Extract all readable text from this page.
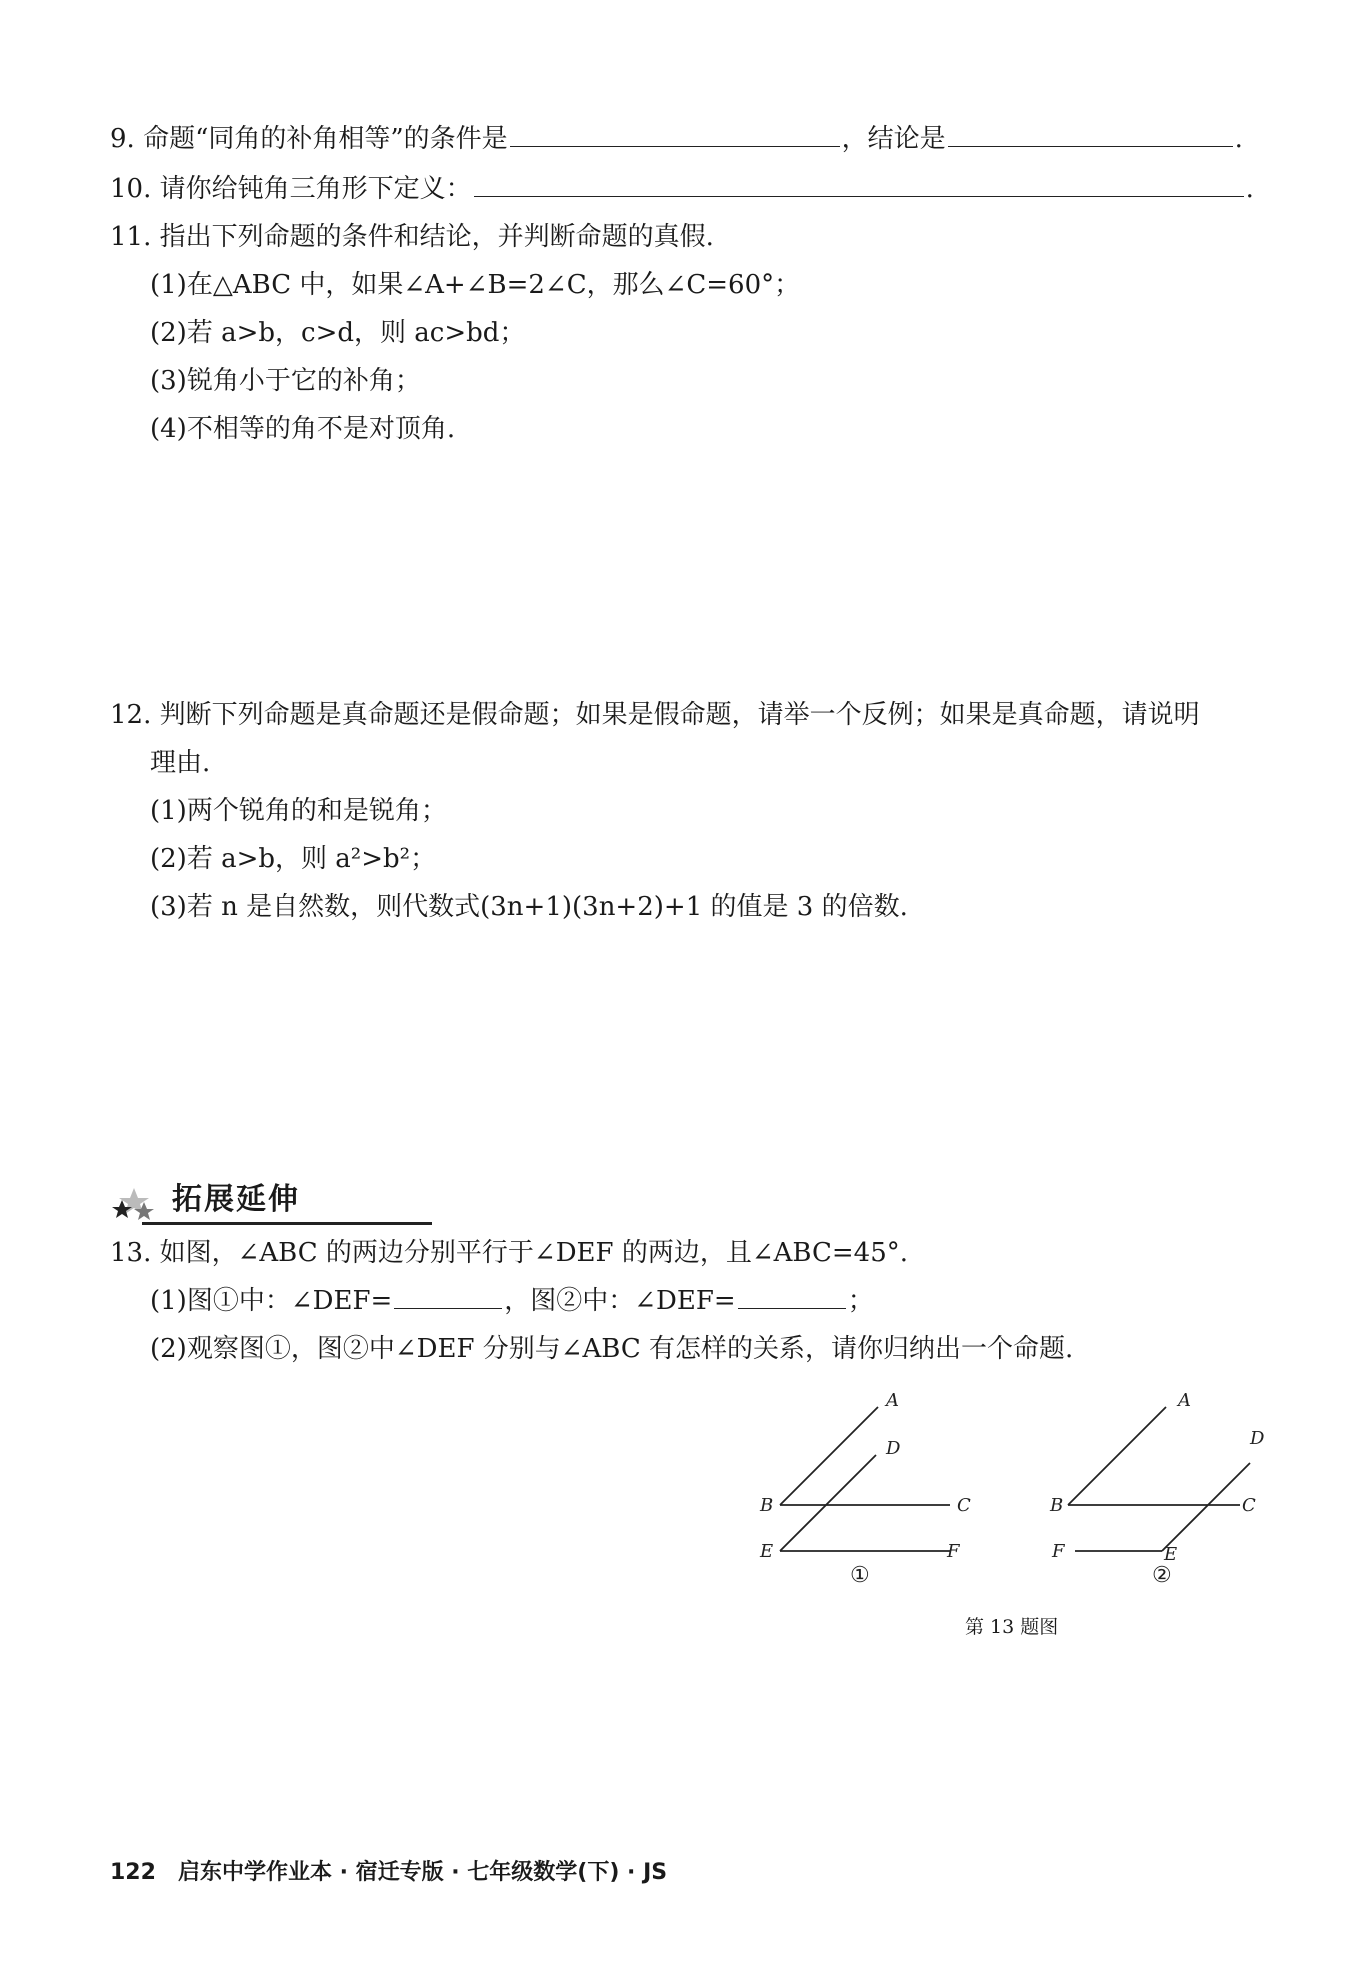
9. 命题“同角的补角相等”的条件是	，结论是	.
10. 请你给钝角三角形下定义：	.
11. 指出下列命题的条件和结论，并判断命题的真假.
(1)在△ABC 中，如果∠A+∠B=2∠C，那么∠C=60°；
(2)若 a>b，c>d，则 ac>bd；
(3)锐角小于它的补角；
(4)不相等的角不是对顶角.
12. 判断下列命题是真命题还是假命题；如果是假命题，请举一个反例；如果是真命题，请说明
理由.
(1)两个锐角的和是锐角；
(2)若 a>b，则 a²>b²；
(3)若 n 是自然数，则代数式(3n+1)(3n+2)+1 的值是 3 的倍数.
拓展延伸
13. 如图，∠ABC 的两边分别平行于∠DEF 的两边，且∠ABC=45°.
(1)图①中：∠DEF=	，图②中：∠DEF=	；
(2)观察图①，图②中∠DEF 分别与∠ABC 有怎样的关系，请你归纳出一个命题.
A
D
B	C
E	F
①
A
D
B	C
F	E
②
第 13 题图
122 启东中学作业本 · 宿迁专版 · 七年级数学(下) · JS
